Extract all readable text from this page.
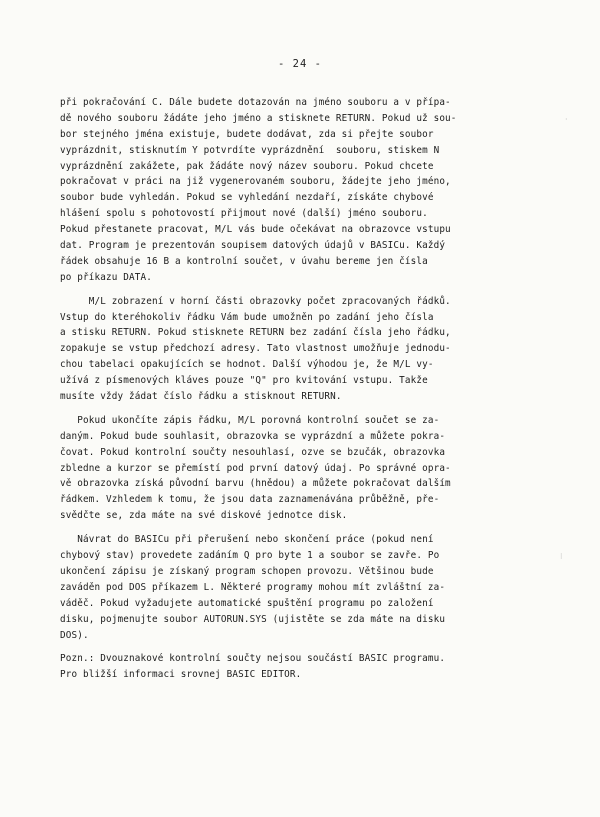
- 24 -
·
⁝
při pokračování C. Dále budete dotazován na jméno souboru a v přípa-
dě nového souboru žádáte jeho jméno a stisknete RETURN. Pokud už sou-
bor stejného jména existuje, budete dodávat, zda si přejte soubor
vyprázdnit, stisknutím Y potvrdíte vyprázdnění  souboru, stiskem N
vyprázdnění zakážete, pak žádáte nový název souboru. Pokud chcete
pokračovat v práci na již vygenerovaném souboru, žádejte jeho jméno,
soubor bude vyhledán. Pokud se vyhledání nezdaří, získáte chybové
hlášení spolu s pohotovostí přijmout nové (další) jméno souboru.
Pokud přestanete pracovat, M/L vás bude očekávat na obrazovce vstupu
dat. Program je prezentován soupisem datových údajů v BASICu. Každý
řádek obsahuje 16 B a kontrolní součet, v úvahu bereme jen čísla
po příkazu DATA.
M/L zobrazení v horní části obrazovky počet zpracovaných řádků.
Vstup do kteréhokoliv řádku Vám bude umožněn po zadání jeho čísla
a stisku RETURN. Pokud stisknete RETURN bez zadání čísla jeho řádku,
zopakuje se vstup předchozí adresy. Tato vlastnost umožňuje jednodu-
chou tabelaci opakujících se hodnot. Další výhodou je, že M/L vy-
užívá z písmenových kláves pouze "Q" pro kvitování vstupu. Takže
musíte vždy žádat číslo řádku a stisknout RETURN.
Pokud ukončíte zápis řádku, M/L porovná kontrolní součet se za-
daným. Pokud bude souhlasit, obrazovka se vyprázdní a můžete pokra-
čovat. Pokud kontrolní součty nesouhlasí, ozve se bzučák, obrazovka
zbledne a kurzor se přemístí pod první datový údaj. Po správné opra-
vě obrazovka získá původní barvu (hnědou) a můžete pokračovat dalším
řádkem. Vzhledem k tomu, že jsou data zaznamenávána průběžně, pře-
svědčte se, zda máte na své diskové jednotce disk.
Návrat do BASICu při přerušení nebo skončení práce (pokud není
chybový stav) provedete zadáním Q pro byte 1 a soubor se zavře. Po
ukončení zápisu je získaný program schopen provozu. Většinou bude
zaváděn pod DOS příkazem L. Některé programy mohou mít zvláštní za-
váděč. Pokud vyžadujete automatické spuštění programu po založení
disku, pojmenujte soubor AUTORUN.SYS (ujistěte se zda máte na disku
DOS).
Pozn.: Dvouznakové kontrolní součty nejsou součástí BASIC programu.
Pro bližší informaci srovnej BASIC EDITOR.
